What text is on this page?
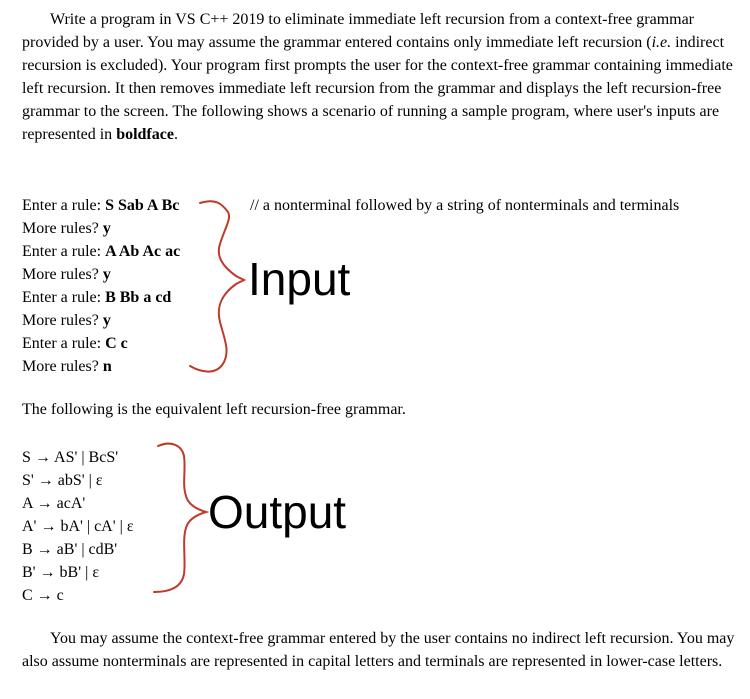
Write a program in VS C++ 2019 to eliminate immediate left recursion from a context-free grammar provided by a user. You may assume the grammar entered contains only immediate left recursion (i.e. indirect recursion is excluded). Your program first prompts the user for the context-free grammar containing immediate left recursion. It then removes immediate left recursion from the grammar and displays the left recursion-free grammar to the screen. The following shows a scenario of running a sample program, where user's inputs are represented in boldface.
Enter a rule: S Sab A Bc
More rules? y
Enter a rule: A Ab Ac ac
More rules? y
Enter a rule: B Bb a cd
More rules? y
Enter a rule: C c
More rules? n
// a nonterminal followed by a string of nonterminals and terminals
Input
The following is the equivalent left recursion-free grammar.
S → AS' | BcS'
S' → abS' | ε
A → acA'
A' → bA' | cA' | ε
B → aB' | cdB'
B' → bB' | ε
C → c
Output
You may assume the context-free grammar entered by the user contains no indirect left recursion. You may also assume nonterminals are represented in capital letters and terminals are represented in lower-case letters.
